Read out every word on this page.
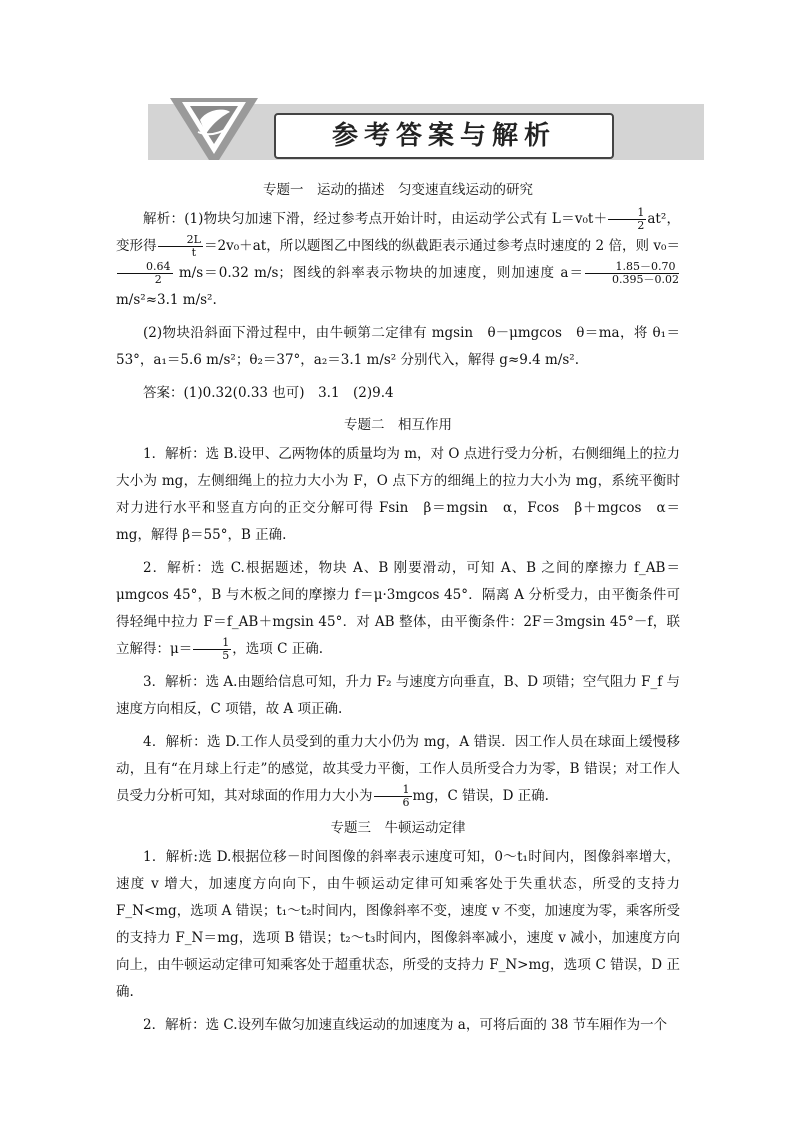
参考答案与解析
专题一　运动的描述　匀变速直线运动的研究

解析：(1)物块匀加速下滑，经过参考点开始计时，由运动学公式有 $L=v_0t+ \frac{1}{2} at^2$，变形得 $\frac{2L}{t} =2v_0+at$，所以题图乙中图线的纵截距表示通过参考点时速度的 2 倍，则 v₀＝
$\frac{0.64}{2} m/s=0.32$ m/s；图线的斜率表示物块的加速度，则加速度 $a= \frac{1.85-0.70}{0.395-0.02}$
m/s²≈3.1 m/s².

(2)物块沿斜面下滑过程中，由牛顿第二定律有 mgsin　θ－μmgcos　θ＝ma，将 θ₁＝53°，a₁＝5.6 m/s²；θ₂＝37°，a₂＝3.1 m/s² 分别代入，解得 g≈9.4 m/s².

答案：(1)0.32(0.33 也可)　3.1　(2)9.4

专题二　相互作用

1．解析：选 B.设甲、乙两物体的质量均为 m，对 O 点进行受力分析，右侧细绳上的拉力大小为 mg，左侧细绳上的拉力大小为 F，O 点下方的细绳上的拉力大小为 mg，系统平衡时对力进行水平和竖直方向的正交分解可得 Fsin　β＝mgsin　α，Fcos　β＋mgcos　α＝mg，解得 β＝55°，B 正确.

2．解析：选 C.根据题述，物块 A、B 刚要滑动，可知 A、B 之间的摩擦力 f_AB＝μmgcos 45°，B 与木板之间的摩擦力 f＝μ·3mgcos 45°．隔离 A 分析受力，由平衡条件可得轻绳中拉力 F＝f_AB＋mgsin 45°．对 AB 整体，由平衡条件：2F＝3mgsin 45°－f，联立解得：$\mu= \frac{1}{5}$ ，选项 C 正确.

3．解析：选 A.由题给信息可知，升力 F₂ 与速度方向垂直，B、D 项错；空气阻力 F_f 与速度方向相反，C 项错，故 A 项正确.

4．解析：选 D.工作人员受到的重力大小仍为 mg，A 错误．因工作人员在球面上缓慢移动，且有“在月球上行走”的感觉，故其受力平衡，工作人员所受合力为零，B 错误；对工作人员受力分析可知，其对球面的作用力大小为 $\frac{1}{6}$ mg，C 错误，D 正确.

专题三　牛顿运动定律

1．解析:选 D.根据位移－时间图像的斜率表示速度可知，0～t₁时间内，图像斜率增大，速度 v 增大，加速度方向向下，由牛顿运动定律可知乘客处于失重状态，所受的支持力 F_N<mg，选项 A 错误；t₁～t₂时间内，图像斜率不变，速度 v 不变，加速度为零，乘客所受的支持力 F_N＝mg，选项 B 错误；t₂～t₃时间内，图像斜率减小，速度 v 减小，加速度方向向上，由牛顿运动定律可知乘客处于超重状态，所受的支持力 F_N>mg，选项 C 错误，D 正确.

2．解析：选 C.设列车做匀加速直线运动的加速度为 a，可将后面的 38 节车厢作为一个
